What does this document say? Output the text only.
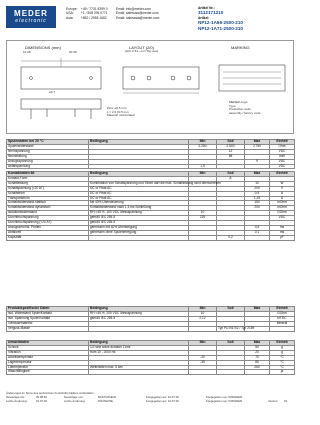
MEDER
electronic
Europe: +49 / 7731 8399 0 Email: info@meder.com
USA: +1 / 508 295 0771 Email: salesusa@meder.com
Asia: +852 / 2955 1682	Email: salesasia@meder.com
Artikel Nr.:
3112171210
Artikel:
NP12-1A66-2500-210
NP12-1A71-2500-210
DIMENSIONS (mm)	LAYOUT (2/0)
pitch 2.54 - mm Top view
MARKING
10.28	20.38
ø0.7
Pins: ø0.5 mm
L = 2.0 ±0.5 mm
Material: Gold plated
MEDER-Logo
Type
Production code
assembly / factory code
Spulendaten bei 20 °C	Bedingung	Min	Soll	Max	Einheit
Spulenwiderstand		2.250	2.500	2.750	Ohm
Nennspannung			12		VDC
Nennleistung			58		mW
Anzugsspannung				9	VDC
Abfallspannung		1,5			VDC
Kontaktdaten 66	Bedingung	Min	Soll	Max	Einheit
Kontakt-Form			A		
Schaltleistung	Kombination von Schaltspannung und Strom darf die max. Schaltleistung nicht überschreiten			10	W
Schaltspannung (<20 AT)	DC or Peak AC			200	V
Schaltstrom	DC or Peak AC			0,5	A
Transportstrom	DC or Peak AC			1,25	A
Kontaktwiderstand statisch	bei 40% Übersteuerung			150	mOhm
Kontaktwiderstand dynamisch	Kontaktwiderstand nach 1,5 ms Schließung			200	mOhm
Isolationswiderstand	RH <45 %, 100 VDC Messspannung	10			GOhm
Durchbruchspannung	gemäß IEC 255-5	225			VDC
Durchbruchspannung (<20 AT)	gemäß IEC 255-5				
Anzugszeit inkl. Prellen	gemessen mit 40% Übersteigung			0,5	ms
Abfallzeit	gemessen ohne Spulenerregung			0,1	ms
Kapazität			0,2		pF
Produktspezifische Daten	Bedingung	Min	Soll	Max	Einheit
Isol. Widerstand Spule/Kontakt	RH <45 %, 200 VDC Messspannung	10			GOhm
Isol. Spannung Spule/Kontakt	gemäß IEC 255-5	2,12			kV DC
Gehäusematerial					Mineral
Verguss-Masse			Typ PU E6702 / Typ 2159		
Umweltdaten	Bedingung	Min	Soll	Max	Einheit
Schock	1/2 sine wave duration 11ms			50	g
Vibration	from 10 - 2000 Hz			20	g
Arbeitstemperatur		-20		70	°C
Lagertemperatur		-35		85	°C
Löttemperatur	Wellenlöten max. 5 sec			260	°C
Waschfähigkeit					ja
Änderungen im Sinne des technischen Fortschritts bleiben vorbehalten.
Neuanlage am:	09.08.99	Neuanlage von:	BASTIAN/ELD	Freigegeben am: 10.07.00	Freigegeben von: KIRMAIER
Letzte Änderung:	10.07.00	Letzte Änderung:	DOOSHINE	Freigegeben am: 10.07.00	Freigegeben von: KIRMAIER	Version: 01
